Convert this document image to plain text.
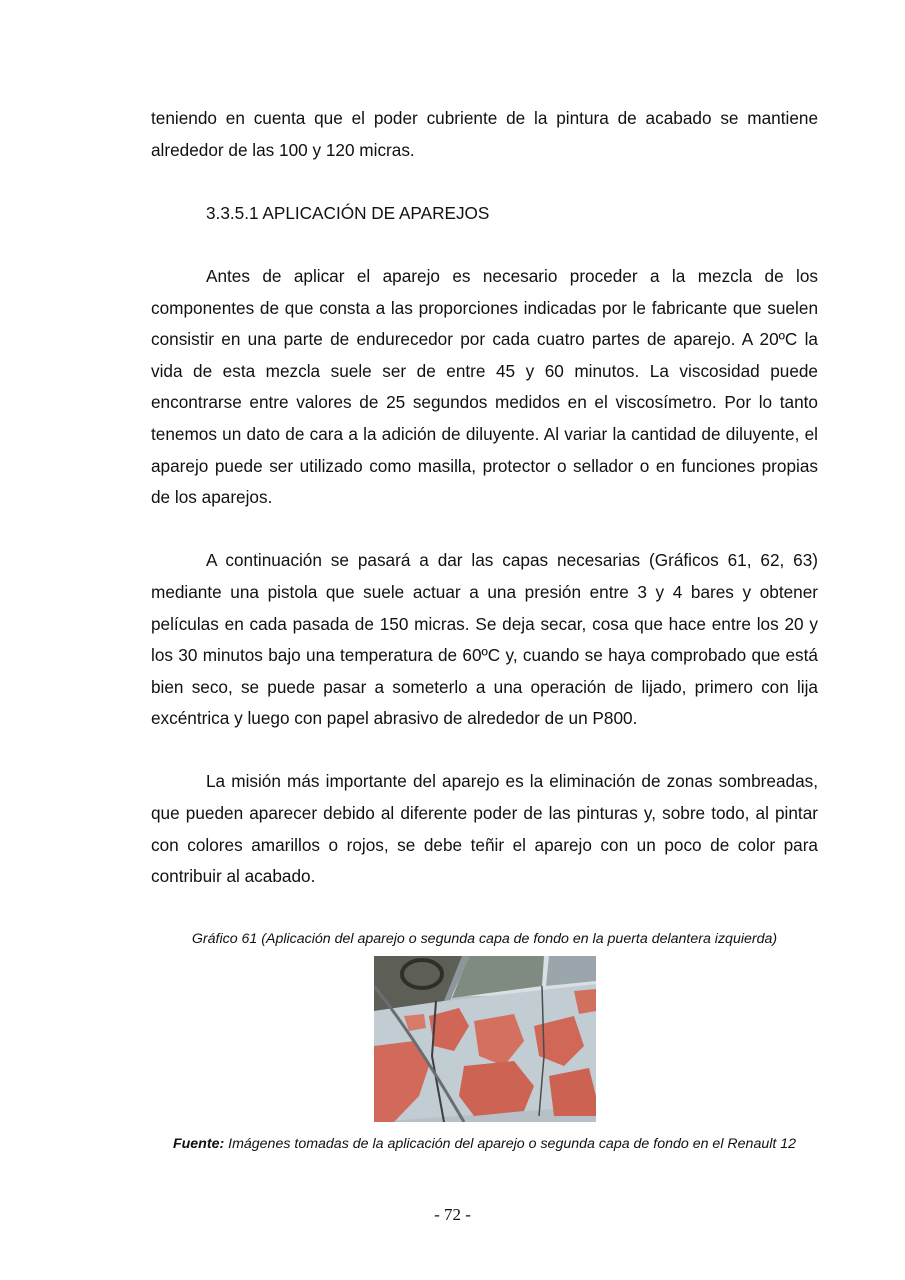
teniendo en cuenta que el poder cubriente de la pintura de acabado se mantiene alrededor de las 100 y 120 micras.

3.3.5.1 APLICACIÓN DE APAREJOS

Antes de aplicar el aparejo es necesario proceder a la mezcla de los componentes de que consta a las proporciones indicadas por le fabricante que suelen consistir en una parte de endurecedor por cada cuatro partes de aparejo. A 20ºC la vida de esta mezcla suele ser de entre 45 y 60 minutos. La viscosidad puede encontrarse entre valores de 25 segundos medidos en el viscosímetro. Por lo tanto tenemos un dato de cara a la adición de diluyente. Al variar la cantidad de diluyente, el aparejo puede ser utilizado como masilla, protector o sellador o en funciones propias de los aparejos.

A continuación se pasará a dar las capas necesarias (Gráficos 61, 62, 63) mediante una pistola que suele actuar a una presión entre 3 y 4 bares y obtener películas en cada pasada de 150 micras. Se deja secar, cosa que hace entre los 20 y los 30 minutos bajo una temperatura de 60ºC y, cuando se haya comprobado que está bien seco, se puede pasar a someterlo a una operación de lijado, primero con lija excéntrica y luego con papel abrasivo de alrededor de un P800.

La misión más importante del aparejo es la eliminación de zonas sombreadas, que pueden aparecer debido al diferente poder de las pinturas y, sobre todo, al pintar con colores amarillos o rojos, se debe teñir el aparejo con un poco de color para contribuir al acabado.

Gráfico 61 (Aplicación del aparejo o segunda capa de fondo en la puerta delantera izquierda)

Fuente: Imágenes tomadas de la aplicación del aparejo o segunda capa de fondo en el Renault 12

- 72 -
